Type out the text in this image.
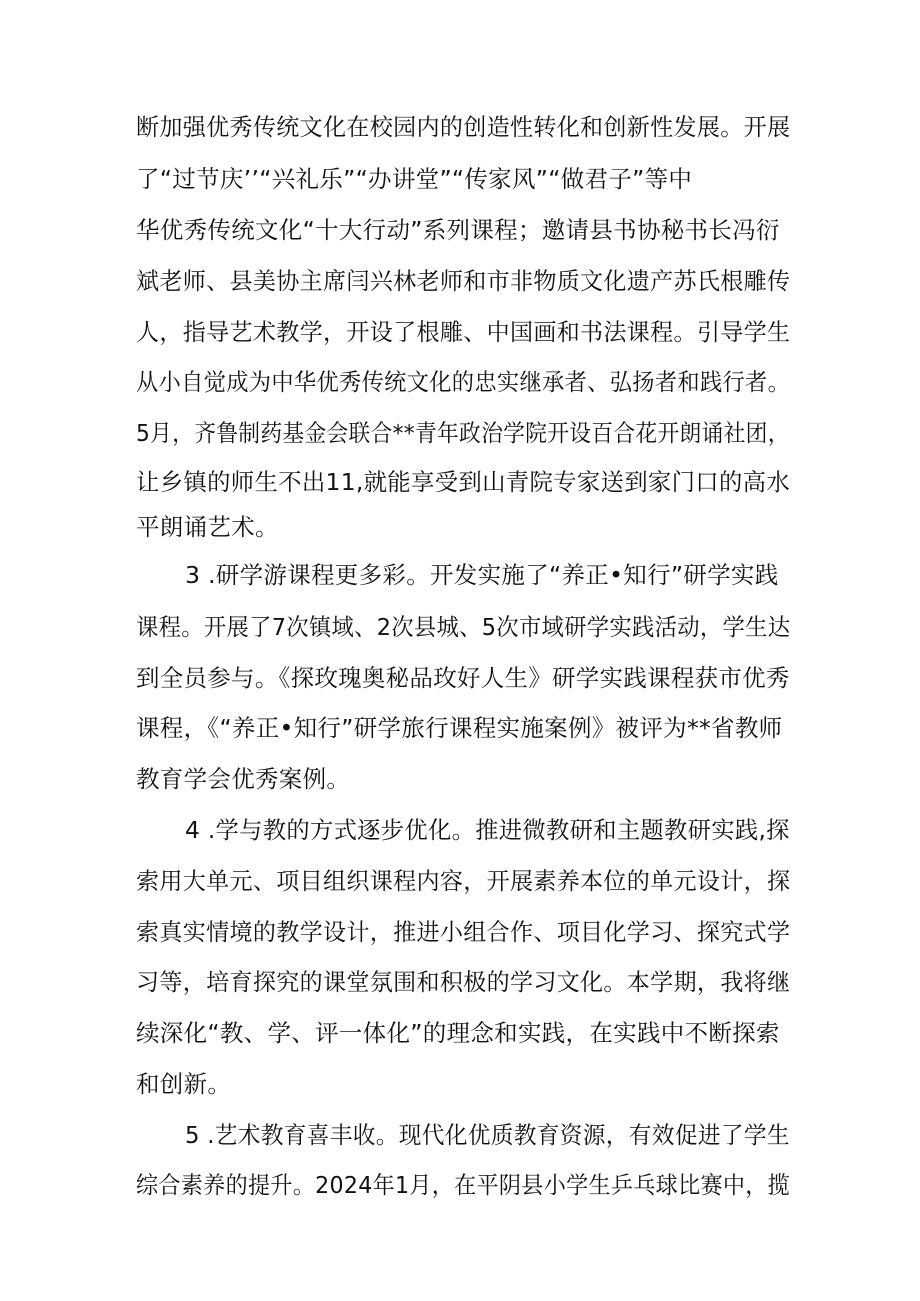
断加强优秀传统文化在校园内的创造性转化和创新性发展。开展
了“过节庆’’“兴礼乐”“办讲堂”“传家风”“做君子”等中
华优秀传统文化“十大行动”系列课程；邀请县书协秘书长冯衍
斌老师、县美协主席闫兴林老师和市非物质文化遗产苏氏根雕传
人，指导艺术教学，开设了根雕、中国画和书法课程。引导学生
从小自觉成为中华优秀传统文化的忠实继承者、弘扬者和践行者。
5月，齐鲁制药基金会联合**青年政治学院开设百合花开朗诵社团，
让乡镇的师生不出11,就能享受到山青院专家送到家门口的高水
平朗诵艺术。
3 .研学游课程更多彩。开发实施了“养正•知行”研学实践
课程。开展了7次镇域、2次县城、5次市域研学实践活动，学生达
到全员参与。《探玫瑰奥秘品玫好人生》研学实践课程获市优秀
课程，《“养正•知行”研学旅行课程实施案例》被评为**省教师
教育学会优秀案例。
4 .学与教的方式逐步优化。推进微教研和主题教研实践,探
索用大单元、项目组织课程内容，开展素养本位的单元设计，探
索真实情境的教学设计，推进小组合作、项目化学习、探究式学
习等，培育探究的课堂氛围和积极的学习文化。本学期，我将继
续深化“教、学、评一体化”的理念和实践，在实践中不断探索
和创新。
5 .艺术教育喜丰收。现代化优质教育资源，有效促进了学生
综合素养的提升。2024年1月，在平阴县小学生乒乓球比赛中，揽
